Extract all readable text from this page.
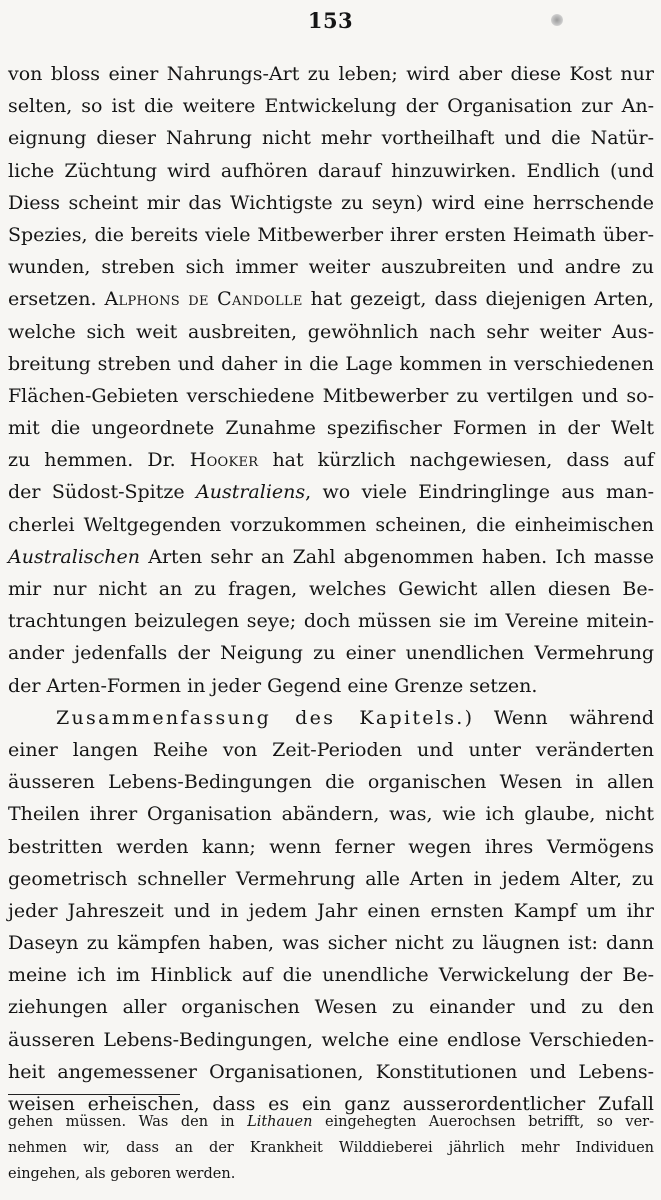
153
von bloss einer Nahrungs-Art zu leben; wird aber diese Kost nur
selten, so ist die weitere Entwickelung der Organisation zur An-
eignung dieser Nahrung nicht mehr vortheilhaft und die Natür-
liche Züchtung wird aufhören darauf hinzuwirken. Endlich (und
Diess scheint mir das Wichtigste zu seyn) wird eine herrschende
Spezies, die bereits viele Mitbewerber ihrer ersten Heimath über-
wunden, streben sich immer weiter auszubreiten und andre zu
ersetzen. Alphons de Candolle hat gezeigt, dass diejenigen Arten,
welche sich weit ausbreiten, gewöhnlich nach sehr weiter Aus-
breitung streben und daher in die Lage kommen in verschiedenen
Flächen-Gebieten verschiedene Mitbewerber zu vertilgen und so-
mit die ungeordnete Zunahme spezifischer Formen in der Welt
zu hemmen. Dr. Hooker hat kürzlich nachgewiesen, dass auf
der Südost-Spitze Australiens, wo viele Eindringlinge aus man-
cherlei Weltgegenden vorzukommen scheinen, die einheimischen
Australischen Arten sehr an Zahl abgenommen haben. Ich masse
mir nur nicht an zu fragen, welches Gewicht allen diesen Be-
trachtungen beizulegen seye; doch müssen sie im Vereine mitein-
ander jedenfalls der Neigung zu einer unendlichen Vermehrung
der Arten-Formen in jeder Gegend eine Grenze setzen.
Zusammenfassung des Kapitels.) Wenn während
einer langen Reihe von Zeit-Perioden und unter veränderten
äusseren Lebens-Bedingungen die organischen Wesen in allen
Theilen ihrer Organisation abändern, was, wie ich glaube, nicht
bestritten werden kann; wenn ferner wegen ihres Vermögens
geometrisch schneller Vermehrung alle Arten in jedem Alter, zu
jeder Jahreszeit und in jedem Jahr einen ernsten Kampf um ihr
Daseyn zu kämpfen haben, was sicher nicht zu läugnen ist: dann
meine ich im Hinblick auf die unendliche Verwickelung der Be-
ziehungen aller organischen Wesen zu einander und zu den
äusseren Lebens-Bedingungen, welche eine endlose Verschieden-
heit angemessener Organisationen, Konstitutionen und Lebens-
weisen erheischen, dass es ein ganz ausserordentlicher Zufall
gehen müssen. Was den in Lithauen eingehegten Auerochsen betrifft, so ver-
nehmen wir, dass an der Krankheit Wilddieberei jährlich mehr Individuen
eingehen, als geboren werden.
